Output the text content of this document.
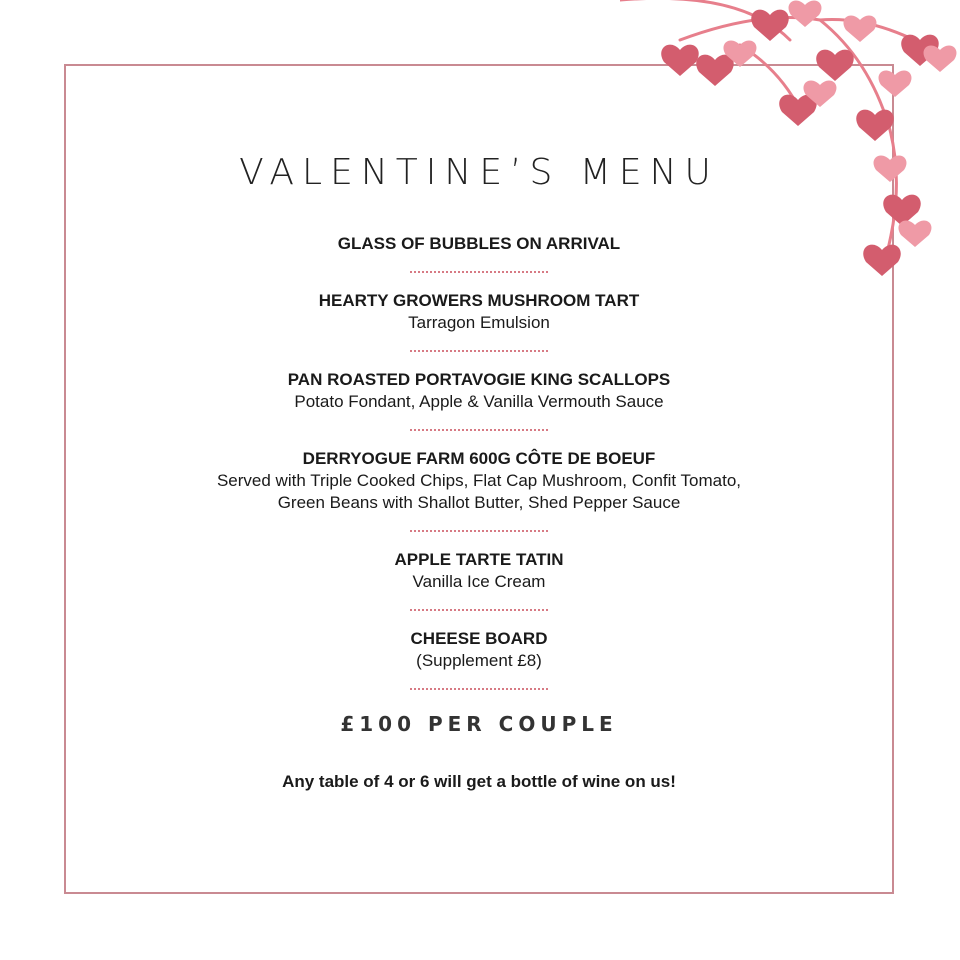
VALENTINE’S MENU
GLASS OF BUBBLES ON ARRIVAL
HEARTY GROWERS MUSHROOM TART
Tarragon Emulsion
PAN ROASTED PORTAVOGIE KING SCALLOPS
Potato Fondant, Apple & Vanilla Vermouth Sauce
DERRYOGUE FARM 600G CÔTE DE BOEUF
Served with Triple Cooked Chips, Flat Cap Mushroom, Confit Tomato,
Green Beans with Shallot Butter, Shed Pepper Sauce
APPLE TARTE TATIN
Vanilla Ice Cream
CHEESE BOARD
(Supplement £8)
£100 PER COUPLE
Any table of 4 or 6 will get a bottle of wine on us!
